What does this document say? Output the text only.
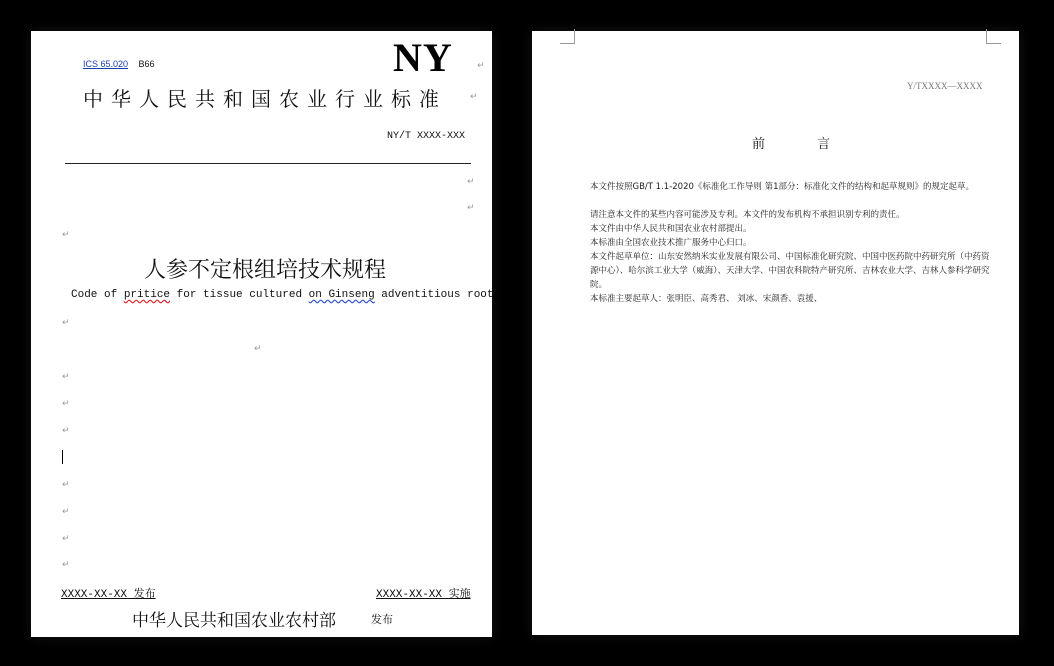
ICS 65.020 B66	NY	↵
中华人民共和国农业行业标准	↵
NY/T XXXX-XXX
↵
↵
↵
人参不定根组培技术规程
Code of pritice for tissue cultured on Ginseng adventitious root
↵
↵
↵
↵
↵
↵
↵
↵
↵
XXXX-XX-XX 发布	XXXX-XX-XX 实施
中华人民共和国农业农村部	发布
Y/TXXXX—XXXX
前 言
本文件按照GB/T 1.1-2020《标准化工作导则 第1部分：标准化文件的结构和起草规则》的规定起草。
请注意本文件的某些内容可能涉及专利。本文件的发布机构不承担识别专利的责任。
本文件由中华人民共和国农业农村部提出。
本标准由全国农业技术推广服务中心归口。
本文件起草单位：山东安然纳米实业发展有限公司、中国标准化研究院、中国中医药院中药研究所（中药资源中心）、哈尔滨工业大学（威海）、天津大学、中国农科院特产研究所、吉林农业大学、吉林人参科学研究院。
本标准主要起草人：张明臣、高秀君、 刘冰、宋颜香、袁援、
